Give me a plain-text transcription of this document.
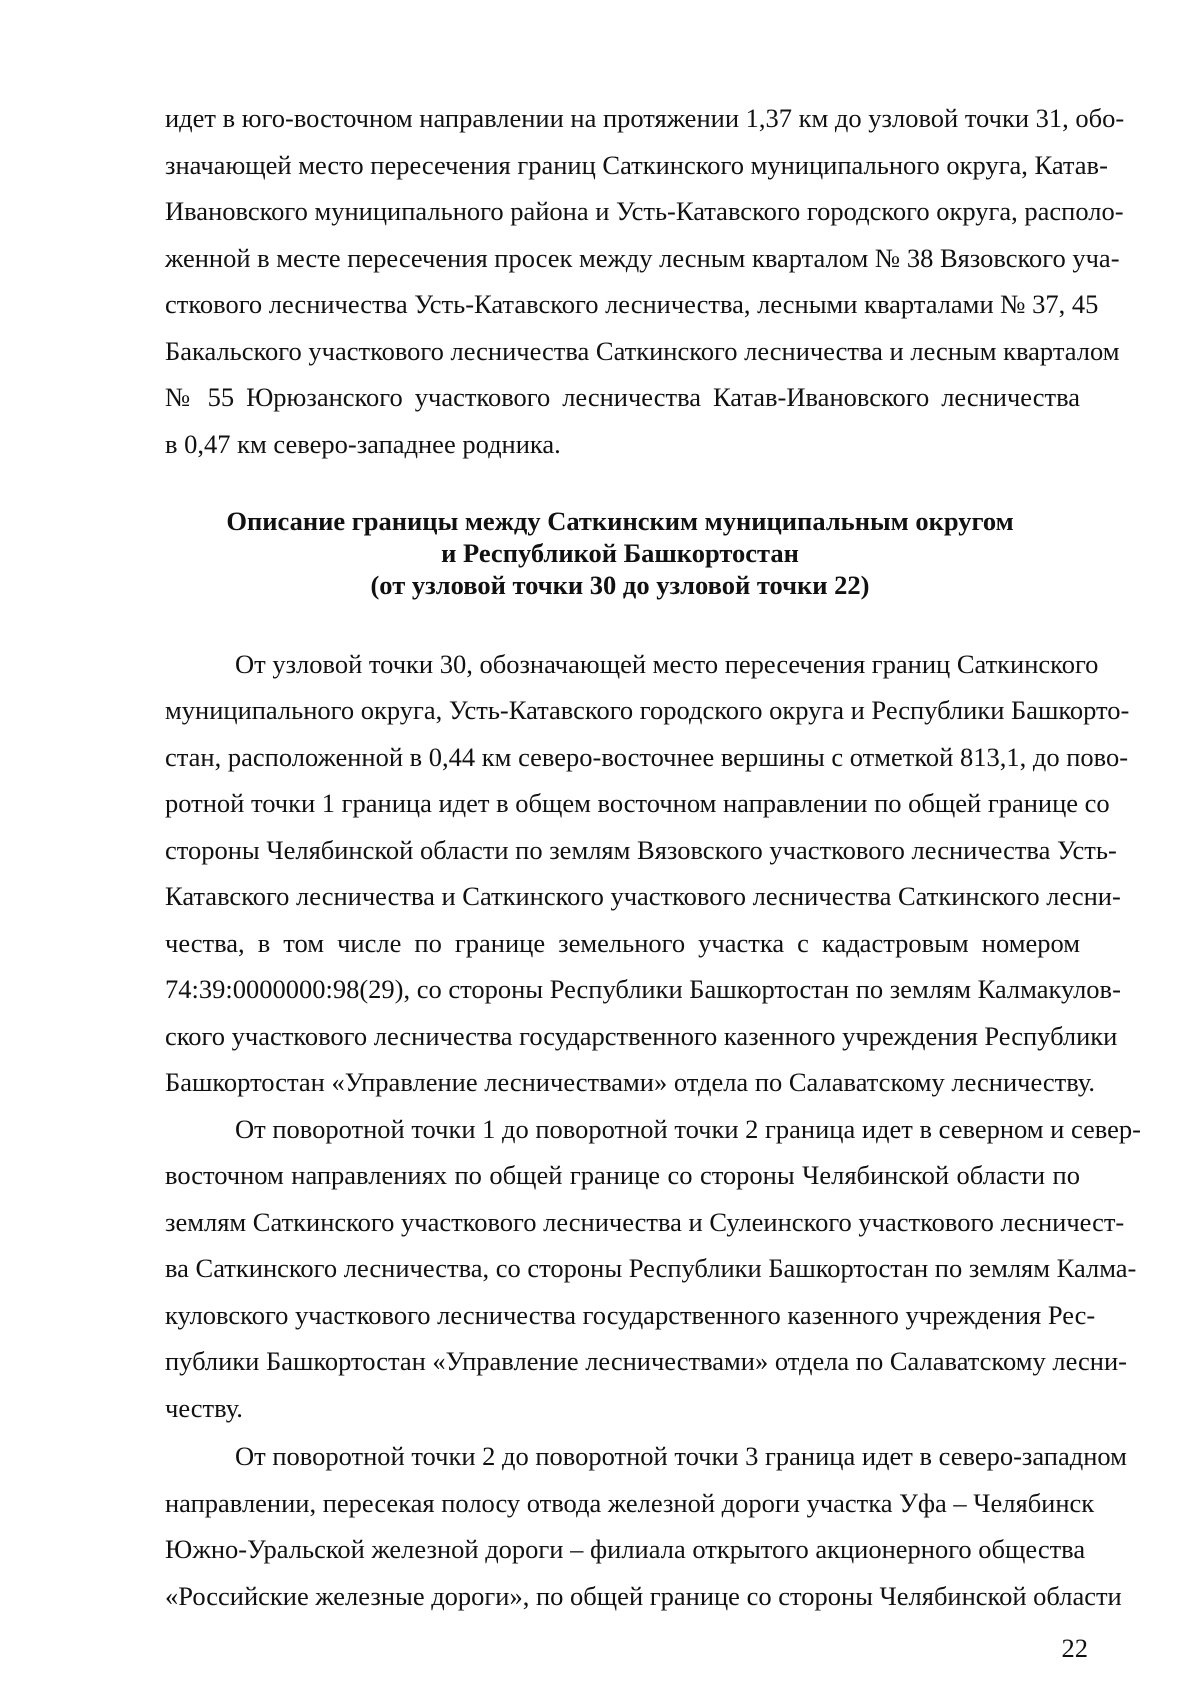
идет в юго-восточном направлении на протяжении 1,37 км до узловой точки 31, обо-
значающей место пересечения границ Саткинского муниципального округа, Катав-
Ивановского муниципального района и Усть-Катавского городского округа, располо-
женной в месте пересечения просек между лесным кварталом № 38 Вязовского уча-
сткового лесничества Усть-Катавского лесничества, лесными кварталами № 37, 45
Бакальского участкового лесничества Саткинского лесничества и лесным кварталом
№ 55 Юрюзанского участкового лесничества Катав-Ивановского лесничества
в 0,47 км северо-западнее родника.
Описание границы между Саткинским муниципальным округом
и Республикой Башкортостан
(от узловой точки 30 до узловой точки 22)
От узловой точки 30, обозначающей место пересечения границ Саткинского
муниципального округа, Усть-Катавского городского округа и Республики Башкорто-
стан, расположенной в 0,44 км северо-восточнее вершины с отметкой 813,1, до пово-
ротной точки 1 граница идет в общем восточном направлении по общей границе со
стороны Челябинской области по землям Вязовского участкового лесничества Усть-
Катавского лесничества и Саткинского участкового лесничества Саткинского лесни-
чества, в том числе по границе земельного участка с кадастровым номером
74:39:0000000:98(29), со стороны Республики Башкортостан по землям Калмакулов-
ского участкового лесничества государственного казенного учреждения Республики
Башкортостан «Управление лесничествами» отдела по Салаватскому лесничеству.
От поворотной точки 1 до поворотной точки 2 граница идет в северном и север-
восточном направлениях по общей границе со стороны Челябинской области по
землям Саткинского участкового лесничества и Сулеинского участкового лесничест-
ва Саткинского лесничества, со стороны Республики Башкортостан по землям Калма-
куловского участкового лесничества государственного казенного учреждения Рес-
публики Башкортостан «Управление лесничествами» отдела по Салаватскому лесни-
честву.
От поворотной точки 2 до поворотной точки 3 граница идет в северо-западном
направлении, пересекая полосу отвода железной дороги участка Уфа – Челябинск
Южно-Уральской железной дороги – филиала открытого акционерного общества
«Российские железные дороги», по общей границе со стороны Челябинской области
22
